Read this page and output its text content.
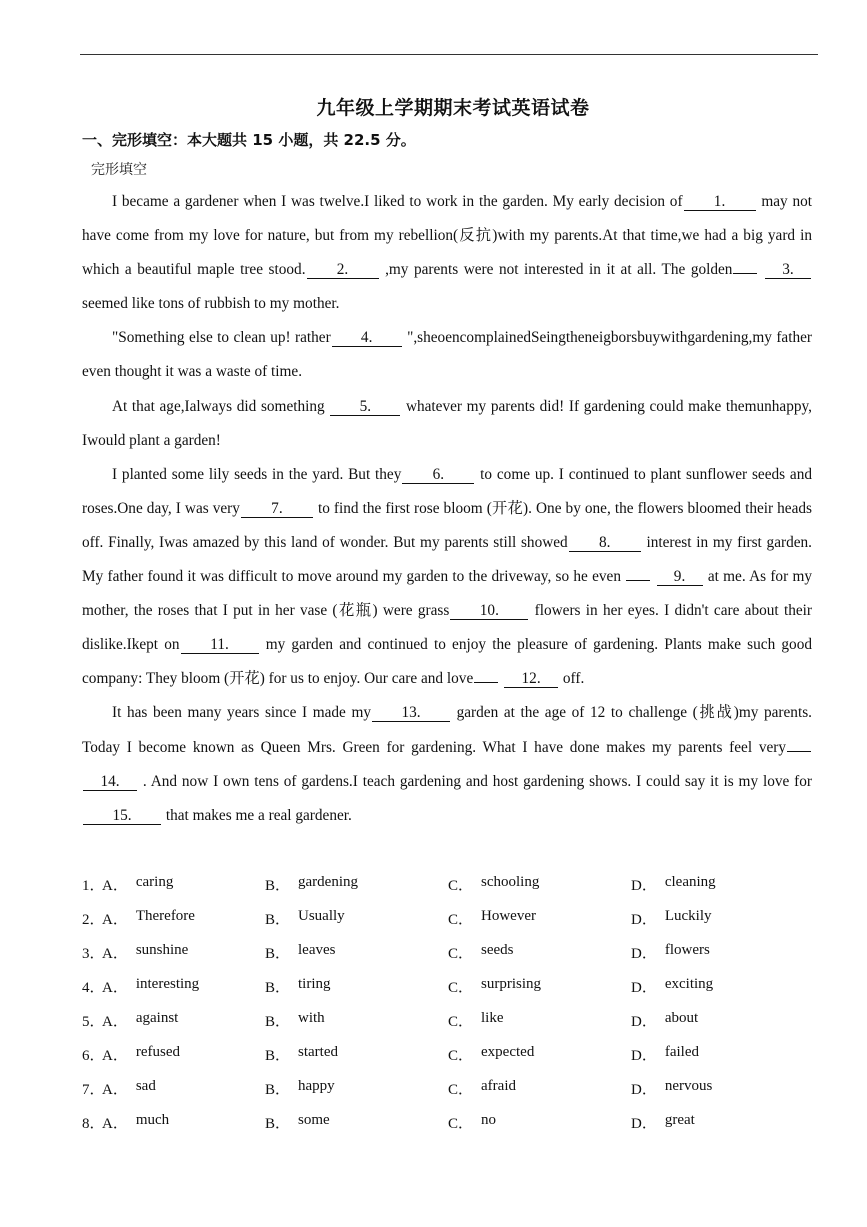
九年级上学期期末考试英语试卷
一、完形填空：本大题共 15 小题，共 22.5 分。
完形填空

I became a gardener when I was twelve.I liked to work in the garden. My early decision of 1. may not have come from my love for nature, but from my rebellion(反抗)with my parents.At that time,we had a big yard in which a beautiful maple tree stood. 2. ,my parents were not interested in it at all. The golden	3. seemed like tons of rubbish to my mother.

"Something else to clean up! rather 4. ",sheoencomplainedSeingtheneigborsbuywithgardening,my father even thought it was a waste of time.

At that age,Ialways did something 5. whatever my parents did! If gardening could make themunhappy, Iwould plant a garden!

I planted some lily seeds in the yard. But they 6. to come up. I continued to plant sunflower seeds and roses.One day, I was very 7. to find the first rose bloom (开花). One by one, the flowers bloomed their heads off. Finally, Iwas amazed by this land of wonder. But my parents still showed 8. interest in my first garden. My father found it was difficult to move around my garden to the driveway, so he even	9. at me. As for my mother, the roses that I put in her vase (花瓶) were grass 10. flowers in her eyes. I didn't care about their dislike.Ikept on 11. my garden and continued to enjoy the pleasure of gardening. Plants make such good company: They bloom (开花) for us to enjoy. Our care and love	12. off.

It has been many years since I made my 13. garden at the age of 12 to challenge (挑战)my parents. Today I become known as Queen Mrs. Green for gardening. What I have done makes my parents feel very 14. . And now I own tens of gardens.I teach gardening and host gardening shows. I could say it is my love for15. that makes me a real gardener.

1．
A． caring	B． gardening	C． schooling	D． cleaning
2．
A． Therefore	B． Usually	C． However	D． Luckily
3．
A． sunshine	B． leaves	C． seeds	D． flowers
4．
A． interesting	B． tiring	C． surprising	D． exciting
5．
A． against	B． with	C． like	D． about
6．
A． refused	B． started	C． expected	D． failed
7．
A． sad	B． happy	C． afraid	D． nervous
8．
A． much	B． some	C． no	D． great
